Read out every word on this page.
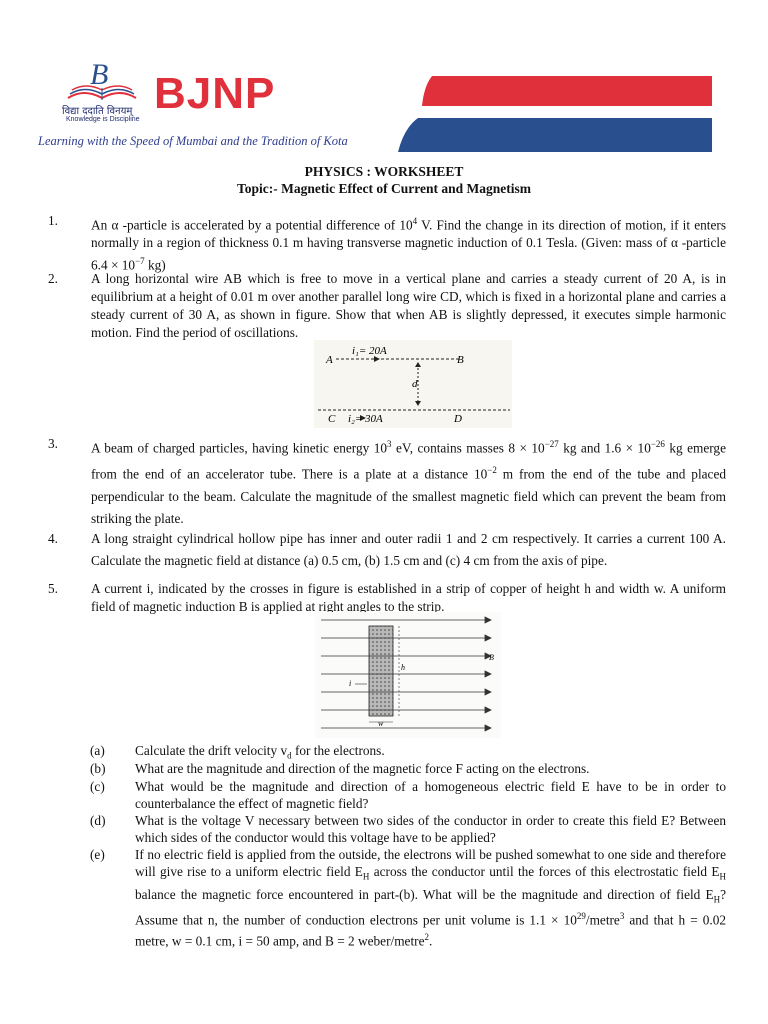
B BJNP
विद्या ददाति विनयम्
Knowledge is Discipline
Learning with the Speed of Mumbai and the Tradition of Kota
PHYSICS : WORKSHEET
Topic:- Magnetic Effect of Current and Magnetism
1. An α -particle is accelerated by a potential difference of $10^4$ V. Find the change in its direction of motion, if it enters normally in a region of thickness 0.1 m having transverse magnetic induction of 0.1 Tesla. (Given: mass of α -particle $6.4 \times 10^{-7}$ kg)
2. A long horizontal wire AB which is free to move in a vertical plane and carries a steady current of 20 A, is in equilibrium at a height of 0.01 m over another parallel long wire CD, which is fixed in a horizontal plane and carries a steady current of 30 A, as shown in figure. Show that when AB is slightly depressed, it executes simple harmonic motion. Find the period of oscillations.
i₁= 20A
A	B
d
C i₂= 30A	D
3. A beam of charged particles, having kinetic energy $10^3$ eV, contains masses $8 \times 10^{-27}$ kg and $1.6 \times 10^{-26}$ kg emerge from the end of an accelerator tube. There is a plate at a distance $10^{-2}$ m from the end of the tube and placed perpendicular to the beam. Calculate the magnitude of the smallest magnetic field which can prevent the beam from striking the plate.
4. A long straight cylindrical hollow pipe has inner and outer radii 1 and 2 cm respectively. It carries a current 100 A. Calculate the magnetic field at distance (a) 0.5 cm, (b) 1.5 cm and (c) 4 cm from the axis of pipe.
5. A current i, indicated by the crosses in figure is established in a strip of copper of height h and width w. A uniform field of magnetic induction B is applied at right angles to the strip.
h
B
i
w
(a) Calculate the drift velocity $v_d$ for the electrons.
(b) What are the magnitude and direction of the magnetic force F acting on the electrons.
(c) What would be the magnitude and direction of a homogeneous electric field E have to be in order to counterbalance the effect of magnetic field?
(d) What is the voltage V necessary between two sides of the conductor in order to create this field E? Between which sides of the conductor would this voltage have to be applied?
(e) If no electric field is applied from the outside, the electrons will be pushed somewhat to one side and therefore will give rise to a uniform electric field $E_H$ across the conductor until the forces of this electrostatic field $E_H$ balance the magnetic force encountered in part-(b). What will be the magnitude and direction of field $E_H$? Assume that n, the number of conduction electrons per unit volume is $1.1 \times 10^{29}/metre^3$ and that h = 0.02 metre, w = 0.1 cm, i = 50 amp, and B = 2 weber/metre$^2$.
